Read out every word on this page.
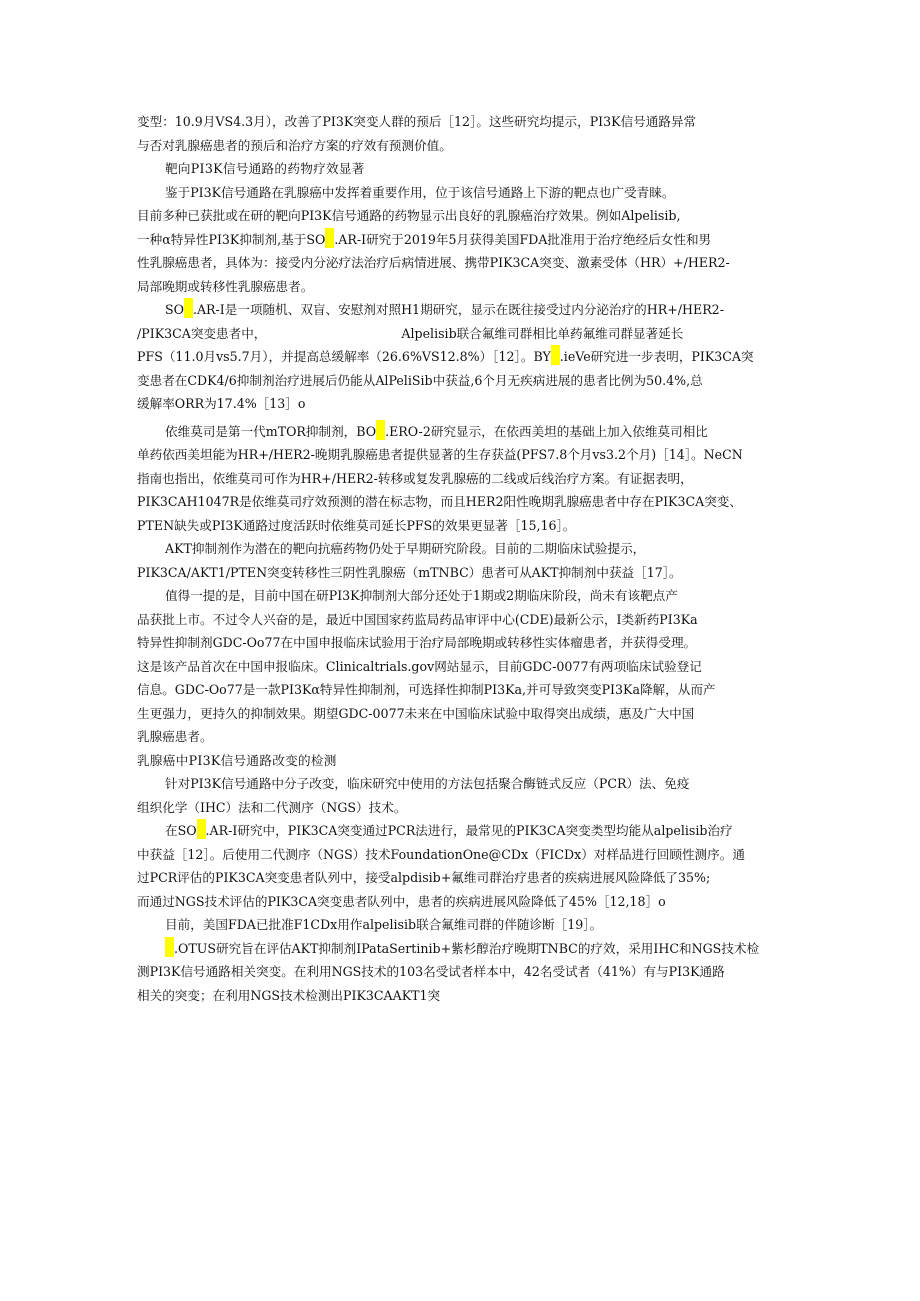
变型：10.9月VS4.3月），改善了PI3K突变人群的预后［12］。这些研究均提示，PI3K信号通路异常
与否对乳腺癌患者的预后和治疗方案的疗效有预测价值。
靶向PI3K信号通路的药物疗效显著
鉴于PI3K信号通路在乳腺癌中发挥着重要作用，位于该信号通路上下游的靶点也广受青睐。
目前多种已获批或在研的靶向PI3K信号通路的药物显示出良好的乳腺癌治疗效果。例如Alpelisib,
一种α特异性PI3K抑制剂,基于SO .AR-I研究于2019年5月获得美国FDA批准用于治疗绝经后女性和男
性乳腺癌患者，具体为：接受内分泌疗法治疗后病情进展、携带PIK3CA突变、激素受体（HR）+/HER2-
局部晚期或转移性乳腺癌患者。
SO .AR-I是一项随机、双盲、安慰剂对照H1期研究，显示在既往接受过内分泌治疗的HR+/HER2-
/PIK3CA突变患者中，	Alpelisib联合氟维司群相比单药氟维司群显著延长
PFS（11.0月vs5.7月），并提高总缓解率（26.6%VS12.8%）［12］。BY .ieVe研究进一步表明，PIK3CA突
变患者在CDK4/6抑制剂治疗进展后仍能从AlPeliSib中获益,6个月无疾病进展的患者比例为50.4%,总
缓解率ORR为17.4%［13］o
依维莫司是第一代mTOR抑制剂，BO .ERO-2研究显示，在依西美坦的基础上加入依维莫司相比
单药依西美坦能为HR+/HER2-晚期乳腺癌患者提供显著的生存获益(PFS7.8个月vs3.2个月)［14］。NeCN
指南也指出，依维莫司可作为HR+/HER2-转移或复发乳腺癌的二线或后线治疗方案。有证据表明，
PIK3CAH1047R是依维莫司疗效预测的潜在标志物，而且HER2阳性晚期乳腺癌患者中存在PIK3CA突变、
PTEN缺失或PI3K通路过度活跃时依维莫司延长PFS的效果更显著［15,16］。
AKT抑制剂作为潜在的靶向抗癌药物仍处于早期研究阶段。目前的二期临床试验提示，
PIK3CA/AKT1/PTEN突变转移性三阴性乳腺癌（mTNBC）患者可从AKT抑制剂中获益［17］。
值得一提的是，目前中国在研PI3K抑制剂大部分还处于1期或2期临床阶段，尚未有该靶点产
品获批上市。不过令人兴奋的是，最近中国国家药监局药品审评中心(CDE)最新公示，I类新药PI3Ka
特异性抑制剂GDC-Oo77在中国申报临床试验用于治疗局部晚期或转移性实体瘤患者，并获得受理。
这是该产品首次在中国申报临床。Clinicaltrials.gov网站显示，目前GDC-0077有两项临床试验登记
信息。GDC-Oo77是一款PI3Kα特异性抑制剂，可选择性抑制PI3Ka,并可导致突变PI3Ka降解，从而产
生更强力，更持久的抑制效果。期望GDC-0077未来在中国临床试验中取得突出成绩，惠及广大中国
乳腺癌患者。
乳腺癌中PI3K信号通路改变的检测
针对PI3K信号通路中分子改变，临床研究中使用的方法包括聚合酶链式反应（PCR）法、免疫
组织化学（IHC）法和二代测序（NGS）技术。
在SO .AR-I研究中，PIK3CA突变通过PCR法进行，最常见的PIK3CA突变类型均能从alpelisib治疗
中获益［12］。后使用二代测序（NGS）技术FoundationOne@CDx（FICDx）对样品进行回顾性测序。通
过PCR评估的PIK3CA突变患者队列中，接受alpdisib+氟维司群治疗患者的疾病进展风险降低了35%;
而通过NGS技术评估的PIK3CA突变患者队列中，患者的疾病进展风险降低了45%［12,18］o
目前，美国FDA已批准F1CDx用作alpelisib联合氟维司群的伴随诊断［19］。
.OTUS研究旨在评估AKT抑制剂IPataSertinib+紫杉醇治疗晚期TNBC的疗效，采用IHC和NGS技术检
测PI3K信号通路相关突变。在利用NGS技术的103名受试者样本中，42名受试者（41%）有与PI3K通路
相关的突变；在利用NGS技术检测出PIK3CAAKT1突
